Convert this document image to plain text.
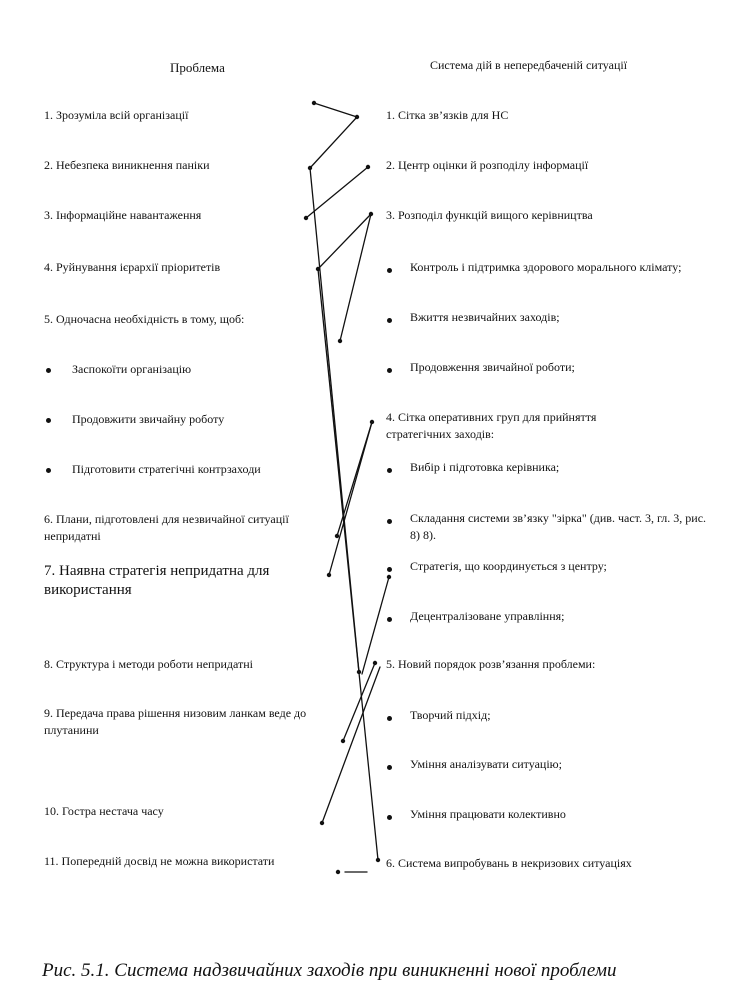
Проблема	Система дій в непередбаченій ситуації
1. Зрозуміла всій організації
2. Небезпека виникнення паніки
3. Інформаційне навантаження
4. Руйнування ієрархії пріоритетів
5. Одночасна необхідність в тому, щоб:
Заспокоїти організацію
Продовжити звичайну роботу
Підготовити стратегічні контрзаходи
6. Плани, підготовлені для незвичайної ситуації непридатні
7. Наявна стратегія непридатна для використання
8. Структура і методи роботи непридатні
9. Передача права рішення низовим ланкам веде до плутанини
10. Гостра нестача часу
11. Попередній досвід не можна використати
1. Сітка зв’язків для НС
2. Центр оцінки й розподілу інформації
3. Розподіл функцій вищого керівництва
Контроль і підтримка здорового морального клімату;
Вжиття незвичайних заходів;
Продовження звичайної роботи;
4. Сітка оперативних груп для прийняття стратегічних заходів:
Вибір і підготовка керівника;
Складання системи зв’язку "зірка" (див. част. 3, гл. 3, рис. 8) 8).
Стратегія, що координується з центру;
Децентралізоване управління;
5. Новий порядок розв’язання проблеми:
Творчий підхід;
Уміння аналізувати ситуацію;
Уміння працювати колективно
6. Система випробувань в некризових ситуаціях
Рис. 5.1. Система надзвичайних заходів при виникненні нової проблеми
